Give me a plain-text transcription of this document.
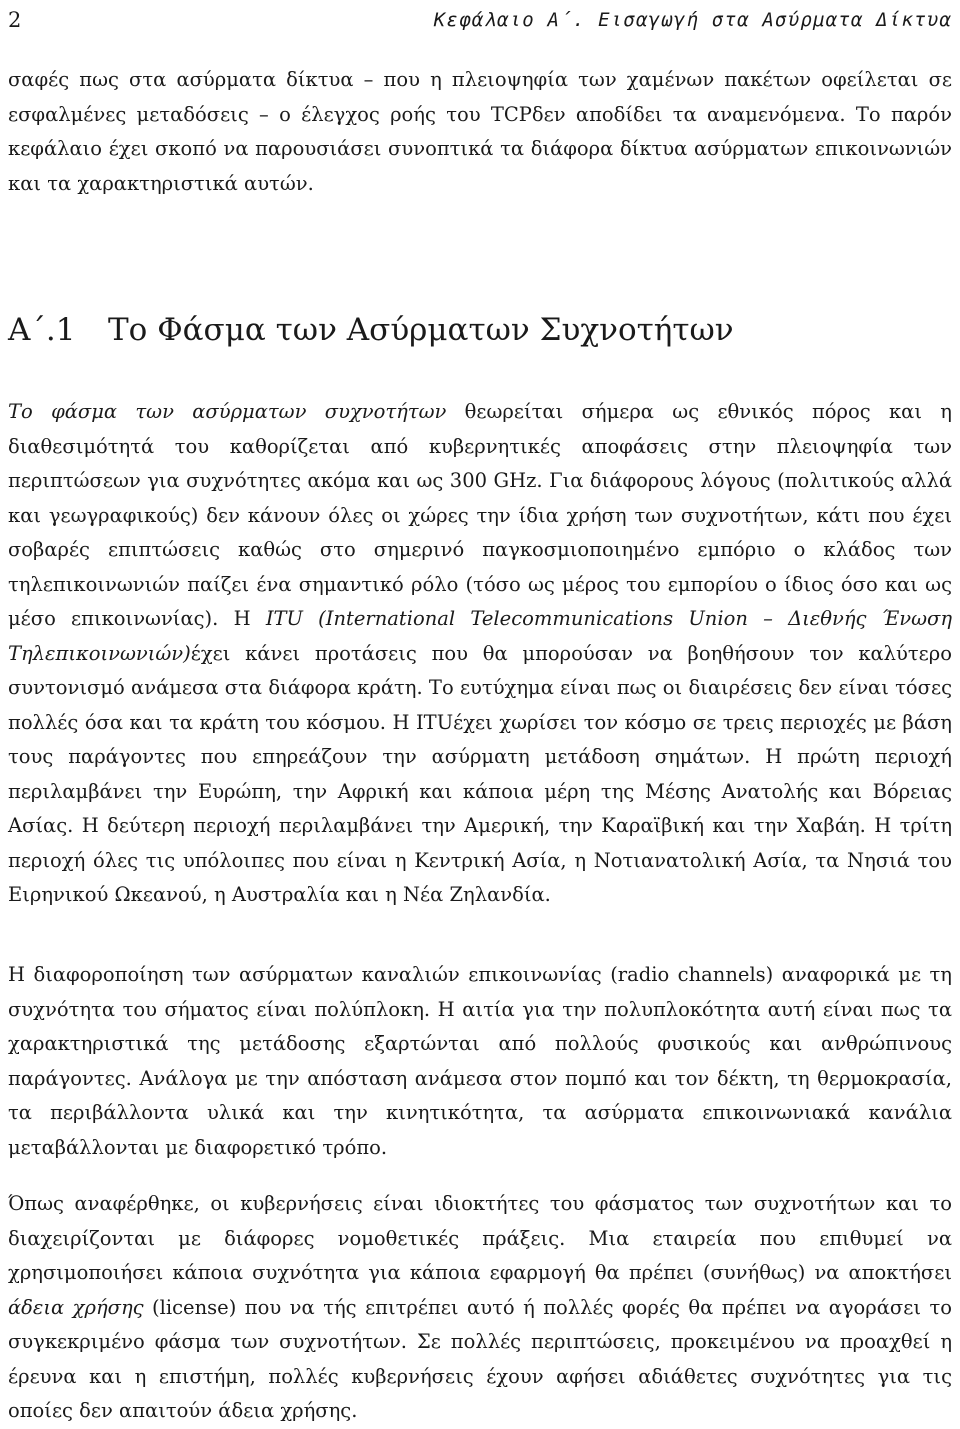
2	Κεφάλαιο Α΄. Εισαγωγή στα Ασύρματα Δίκτυα

σαφές πως στα ασύρματα δίκτυα – που η πλειοψηφία των χαμένων πακέτων οφείλεται σε εσφαλμένες μεταδόσεις – ο έλεγχος ροής του TCPδεν αποδίδει τα αναμενόμενα. Το παρόν κεφάλαιο έχει σκοπό να παρουσιάσει συνοπτικά τα διάφορα δίκτυα ασύρματων επικοινωνιών και τα χαρακτηριστικά αυτών.

Α΄.1 Το Φάσμα των Ασύρματων Συχνοτήτων

Το φάσμα των ασύρματων συχνοτήτων θεωρείται σήμερα ως εθνικός πόρος και η διαθεσιμότητά του καθορίζεται από κυβερνητικές αποφάσεις στην πλειοψηφία των περιπτώσεων για συχνότητες ακόμα και ως 300 GHz. Για διάφορους λόγους (πολιτικούς αλλά και γεωγραφικούς) δεν κάνουν όλες οι χώρες την ίδια χρήση των συχνοτήτων, κάτι που έχει σοβαρές επιπτώσεις καθώς στο σημερινό παγκοσμιοποιημένο εμπόριο ο κλάδος των τηλεπικοινωνιών παίζει ένα σημαντικό ρόλο (τόσο ως μέρος του εμπορίου ο ίδιος όσο και ως μέσο επικοινωνίας). Η ITU (International Telecommunications Union – Διεθνής Ένωση Τηλεπικοινωνιών)έχει κάνει προτάσεις που θα μπορούσαν να βοηθήσουν τον καλύτερο συντονισμό ανάμεσα στα διάφορα κράτη. Το ευτύχημα είναι πως οι διαιρέσεις δεν είναι τόσες πολλές όσα και τα κράτη του κόσμου. Η ITUέχει χωρίσει τον κόσμο σε τρεις περιοχές με βάση τους παράγοντες που επηρεάζουν την ασύρματη μετάδοση σημάτων. Η πρώτη περιοχή περιλαμβάνει την Ευρώπη, την Αφρική και κάποια μέρη της Μέσης Ανατολής και Βόρειας Ασίας. Η δεύτερη περιοχή περιλαμβάνει την Αμερική, την Καραϊβική και την Χαβάη. Η τρίτη περιοχή όλες τις υπόλοιπες που είναι η Κεντρική Ασία, η Νοτιανατολική Ασία, τα Νησιά του Ειρηνικού Ωκεανού, η Αυστραλία και η Νέα Ζηλανδία.

Η διαφοροποίηση των ασύρματων καναλιών επικοινωνίας (radio channels) αναφορικά με τη συχνότητα του σήματος είναι πολύπλοκη. Η αιτία για την πολυπλοκότητα αυτή είναι πως τα χαρακτηριστικά της μετάδοσης εξαρτώνται από πολλούς φυσικούς και ανθρώπινους παράγοντες. Ανάλογα με την απόσταση ανάμεσα στον πομπό και τον δέκτη, τη θερμοκρασία, τα περιβάλλοντα υλικά και την κινητικότητα, τα ασύρματα επικοινωνιακά κανάλια μεταβάλλονται με διαφορετικό τρόπο.

Όπως αναφέρθηκε, οι κυβερνήσεις είναι ιδιοκτήτες του φάσματος των συχνοτήτων και το διαχειρίζονται με διάφορες νομοθετικές πράξεις. Μια εταιρεία που επιθυμεί να χρησιμοποιήσει κάποια συχνότητα για κάποια εφαρμογή θα πρέπει (συνήθως) να αποκτήσει άδεια χρήσης (license) που να τής επιτρέπει αυτό ή πολλές φορές θα πρέπει να αγοράσει το συγκεκριμένο φάσμα των συχνοτήτων. Σε πολλές περιπτώσεις, προκειμένου να προαχθεί η έρευνα και η επιστήμη, πολλές κυβερνήσεις έχουν αφήσει αδιάθετες συχνότητες για τις οποίες δεν απαιτούν άδεια χρήσης.
